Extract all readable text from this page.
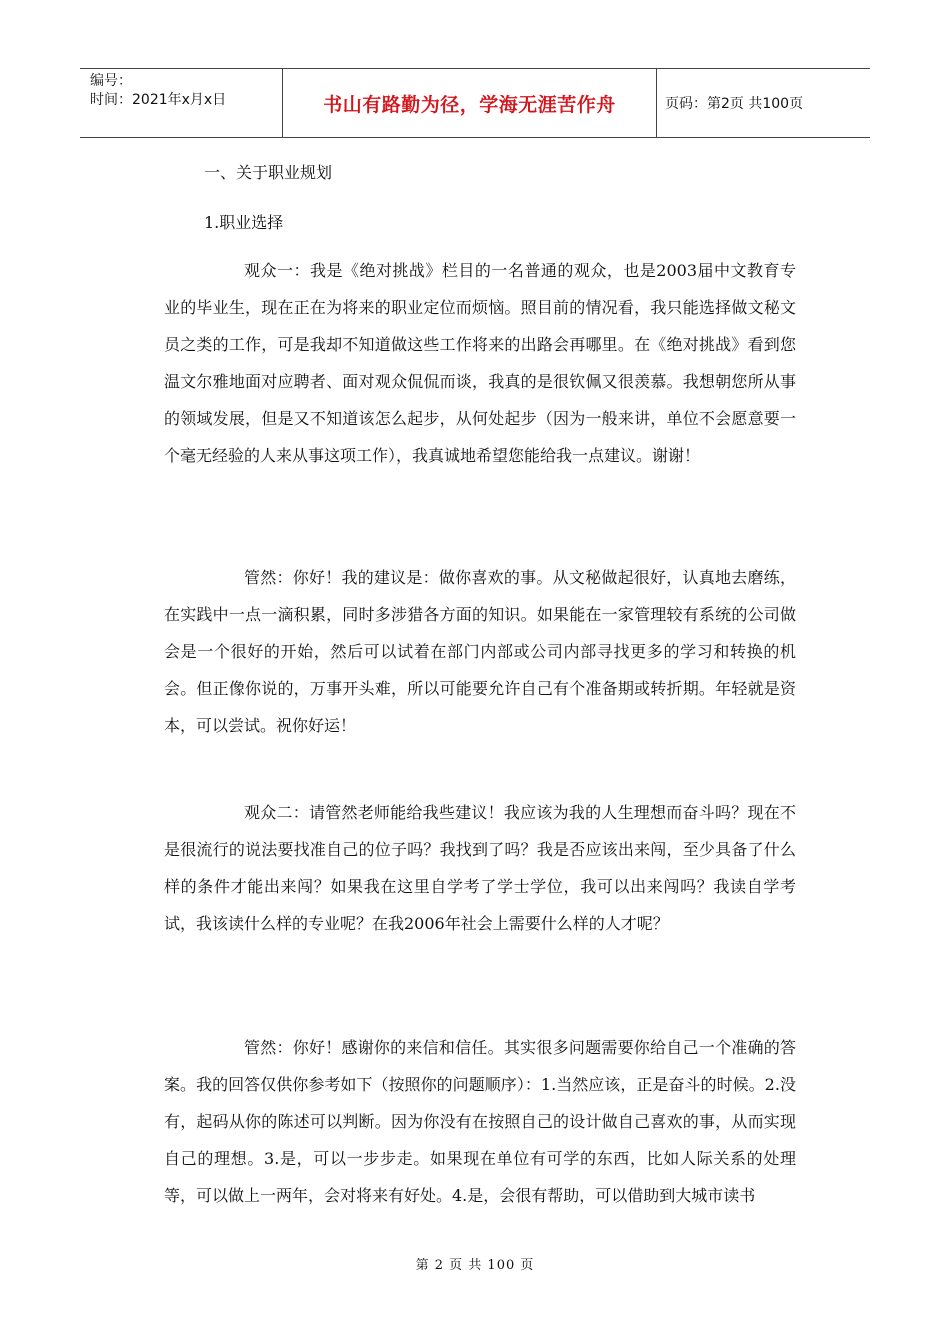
编号：
时间：2021年x月x日	书山有路勤为径，学海无涯苦作舟	页码：第2页 共100页
一、关于职业规划
1.职业选择

观众一：我是《绝对挑战》栏目的一名普通的观众，也是2003届中文教育专业的毕业生，现在正在为将来的职业定位而烦恼。照目前的情况看，我只能选择做文秘文员之类的工作，可是我却不知道做这些工作将来的出路会再哪里。在《绝对挑战》看到您温文尔雅地面对应聘者、面对观众侃侃而谈，我真的是很钦佩又很羡慕。我想朝您所从事的领域发展，但是又不知道该怎么起步，从何处起步（因为一般来讲，单位不会愿意要一个毫无经验的人来从事这项工作），我真诚地希望您能给我一点建议。谢谢！

管然：你好！我的建议是：做你喜欢的事。从文秘做起很好，认真地去磨练，在实践中一点一滴积累，同时多涉猎各方面的知识。如果能在一家管理较有系统的公司做会是一个很好的开始，然后可以试着在部门内部或公司内部寻找更多的学习和转换的机会。但正像你说的，万事开头难，所以可能要允许自己有个准备期或转折期。年轻就是资本，可以尝试。祝你好运！

观众二：请管然老师能给我些建议！我应该为我的人生理想而奋斗吗？现在不是很流行的说法要找准自己的位子吗？我找到了吗？我是否应该出来闯，至少具备了什么样的条件才能出来闯？如果我在这里自学考了学士学位，我可以出来闯吗？我读自学考试，我该读什么样的专业呢？在我2006年社会上需要什么样的人才呢？

管然：你好！感谢你的来信和信任。其实很多问题需要你给自己一个准确的答案。我的回答仅供你参考如下（按照你的问题顺序）：1.当然应该，正是奋斗的时候。2.没有，起码从你的陈述可以判断。因为你没有在按照自己的设计做自己喜欢的事，从而实现自己的理想。3.是，可以一步步走。如果现在单位有可学的东西，比如人际关系的处理等，可以做上一两年，会对将来有好处。4.是，会很有帮助，可以借助到大城市读书

第 2 页 共 100 页
